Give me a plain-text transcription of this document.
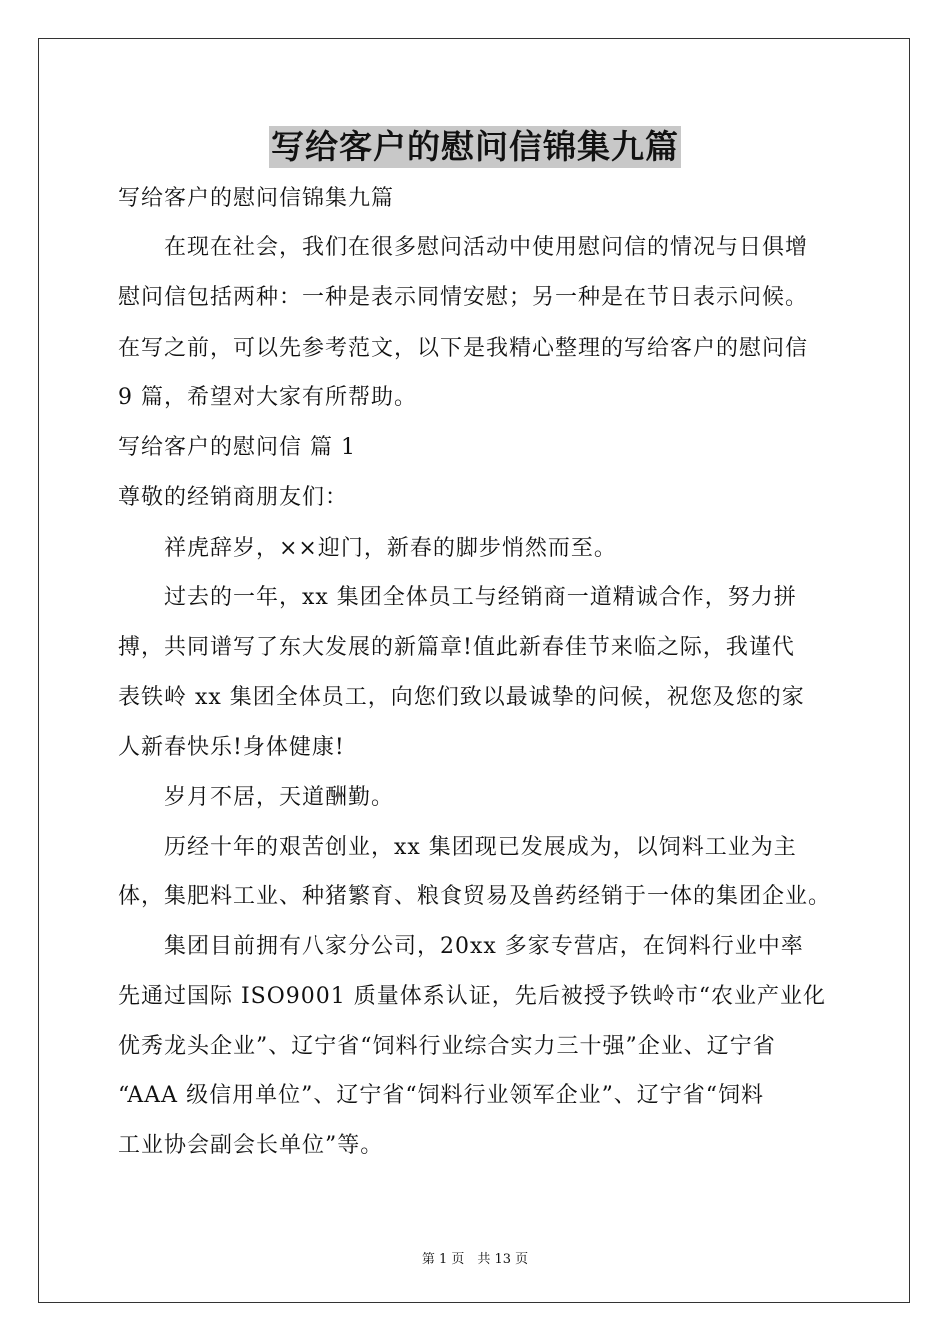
写给客户的慰问信锦集九篇
写给客户的慰问信锦集九篇
　　在现在社会，我们在很多慰问活动中使用慰问信的情况与日俱增
慰问信包括两种：一种是表示同情安慰；另一种是在节日表示问候。
在写之前，可以先参考范文，以下是我精心整理的写给客户的慰问信
9 篇，希望对大家有所帮助。
写给客户的慰问信 篇 1
尊敬的经销商朋友们：
　　祥虎辞岁，××迎门，新春的脚步悄然而至。
　　过去的一年，xx 集团全体员工与经销商一道精诚合作，努力拼
搏，共同谱写了东大发展的新篇章!值此新春佳节来临之际，我谨代
表铁岭 xx 集团全体员工，向您们致以最诚挚的问候，祝您及您的家
人新春快乐!身体健康!
　　岁月不居，天道酬勤。
　　历经十年的艰苦创业，xx 集团现已发展成为，以饲料工业为主
体，集肥料工业、种猪繁育、粮食贸易及兽药经销于一体的集团企业。
　　集团目前拥有八家分公司，20xx 多家专营店，在饲料行业中率
先通过国际 ISO9001 质量体系认证，先后被授予铁岭市“农业产业化
优秀龙头企业”、辽宁省“饲料行业综合实力三十强”企业、辽宁省
“AAA 级信用单位”、辽宁省“饲料行业领军企业”、辽宁省“饲料
工业协会副会长单位”等。
第 1 页　共 13 页
